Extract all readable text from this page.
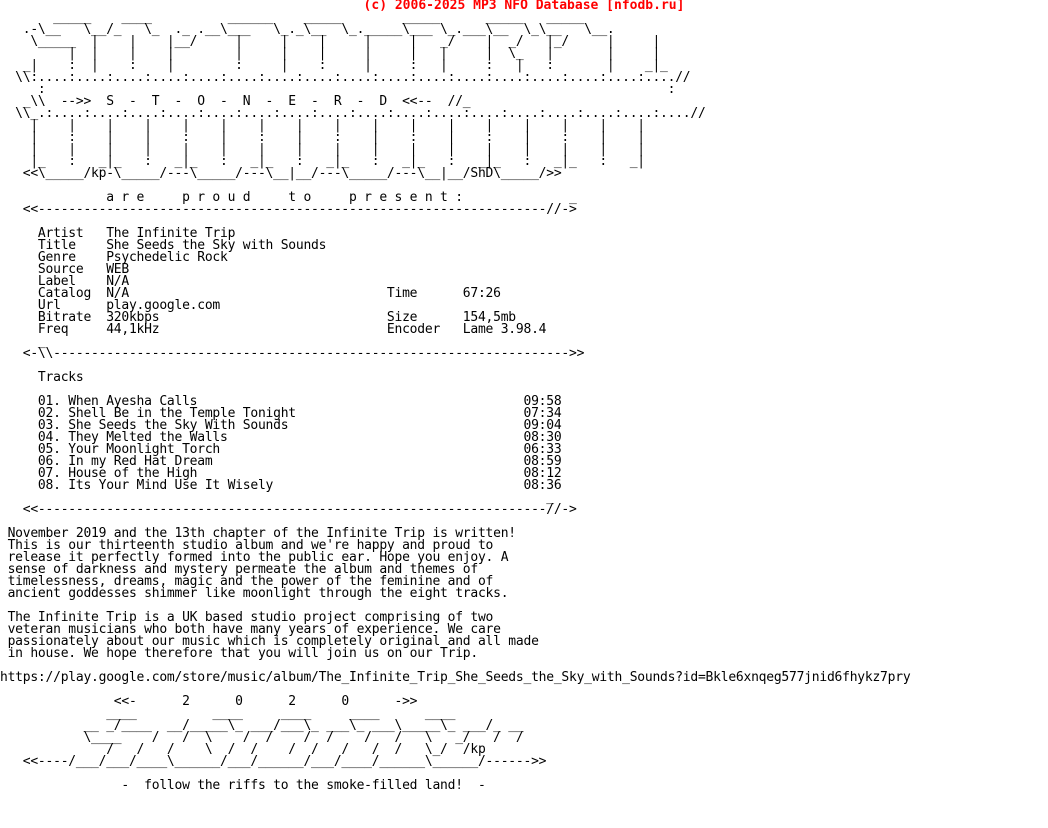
(c) 2006-2025 MP3 NFO Database [nfodb.ru]
_____    ____          ______    _____        _____      _____   _____
.-\__   \__/_   \_  ._ .__\___   \_._\__  \_._____\___ \_.___\__  \_\__   \__.
\_____  |    |    |__/     |     |    |     |     |   _/    |  _/   |_/     |     |
|  |    |    |        |     |    |     |     |   |     |  \_   |       |     |
_|    :  |    :    |        :     |    :     |     :   |     :   |   :       |    _|_
\\:....:....:....:....:....:....:....:....:....:....:....:....:....:....:....:....:....//
:                                                                                  :
_\\  -->>  S  -  T  -  O  -  N  -  E  -  R  -  D  <<--  //_
\\_.:....:....:....:....:....:....:....:....:....:....:....:....:....:....:....:....:....//
|    |    |    |    |    |    |    |    |    |    |    |    |    |    |    |    |
|    :    |    |    :    |    :    |    :    |    :    |    :    |    :    |    |
|    |    |    |    |    |    |    |    |    |    |    |    |    |    |    |    |
|_   :   _|_   :   _|_   :   _|_   :   _|_   :   _|_   :   _|_   :   _|_   :   _|
<<\_____/kp-\_____/---\_____/---\__|__/---\_____/---\__|__/ShD\_____/>>

a r e     p r o u d     t o     p r e s e n t :              _
<<-------------------------------------------------------------------//->

Artist   The Infinite Trip
Title    She Seeds the Sky with Sounds
Genre    Psychedelic Rock
Source   WEB
Label    N/A
Catalog  N/A                                  Time      67:26
Url      play.google.com
Bitrate  320kbps                              Size      154,5mb
Freq     44,1kHz                              Encoder   Lame 3.98.4
_
<-\\-------------------------------------------------------------------->>

Tracks

01. When Ayesha Calls                                           09:58
02. Shell Be in the Temple Tonight                              07:34
03. She Seeds the Sky With Sounds                               09:04
04. They Melted the Walls                                       08:30
05. Your Moonlight Torch                                        06:33
06. In my Red Hat Dream                                         08:59
07. House of the High                                           08:12
08. Its Your Mind Use It Wisely                                 08:36
_
<<-------------------------------------------------------------------//->

November 2019 and the 13th chapter of the Infinite Trip is written!
This is our thirteenth studio album and we're happy and proud to
release it perfectly formed into the public ear. Hope you enjoy. A
sense of darkness and mystery permeate the album and themes of
timelessness, dreams, magic and the power of the feminine and of
ancient goddesses shimmer like moonlight through the eight tracks.

The Infinite Trip is a UK based studio project comprising of two
veteran musicians who both have many years of experience. We care
passionately about our music which is completely original and all made
in house. We hope therefore that you will join us on our Trip.

https://play.google.com/store/music/album/The_Infinite_Trip_She_Seeds_the_Sky_with_Sounds?id=Bkle6xnqeg577jnid6fhykz7pry

<<-      2      0      2      0      ->>
____          ____     ____     ____      ____
__ _/____  __/_____\_ ___/___\_ ___\_ ___\_____\_ ___/_ __
\____    /   /  \    /  /    /  /    /   /   \   _/   /  /
/   /   /    \  /  /    /  /   /   /  /   \_/  /kp
<<----/___/___/____\______/___/______/___/____/______\______/------>>

-  follow the riffs to the smoke-filled land!  -
